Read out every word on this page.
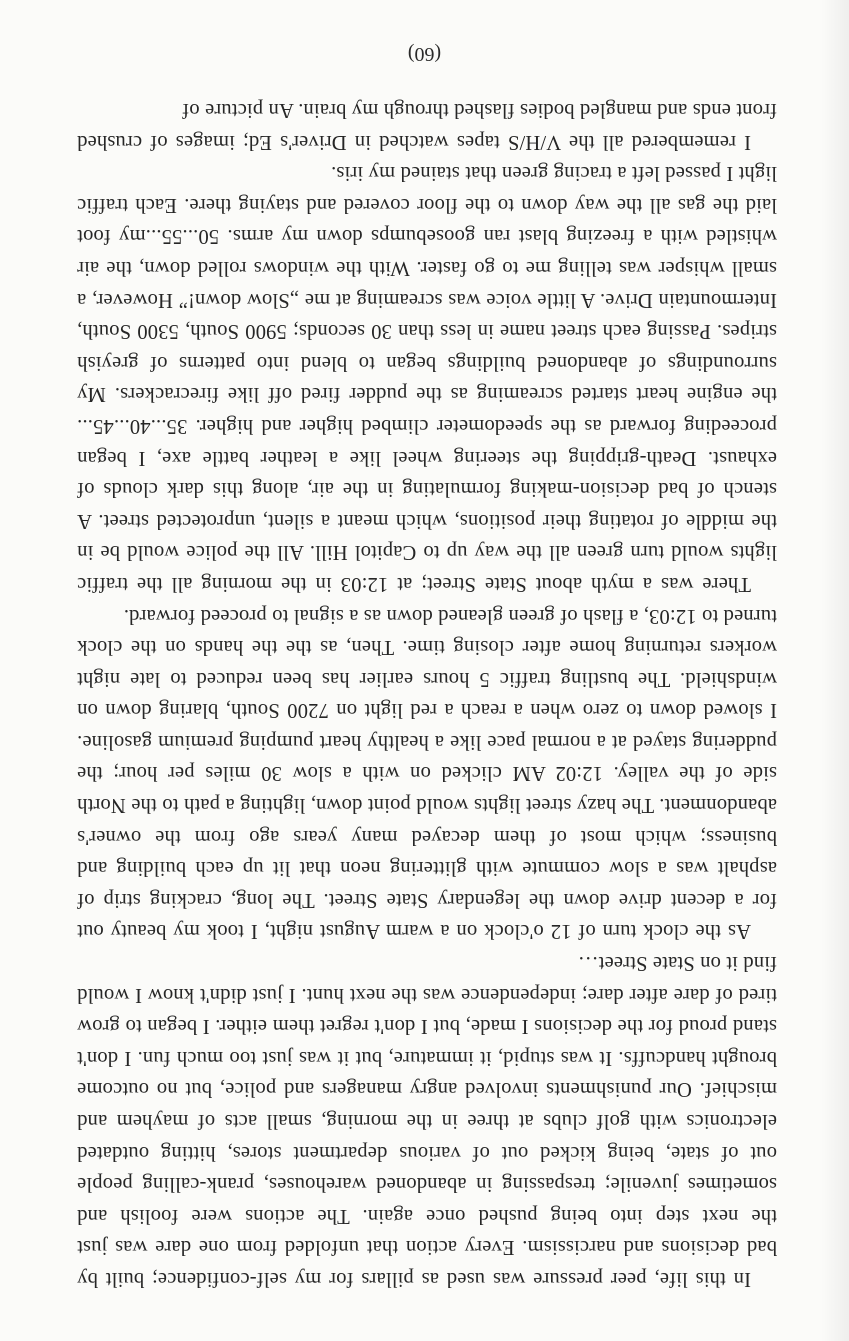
In this life, peer pressure was used as pillars for my self-confidence; built by bad decisions and narcissism. Every action that unfolded from one dare was just the next step into being pushed once again. The actions were foolish and sometimes juvenile; trespassing in abandoned warehouses, prank-calling people out of state, being kicked out of various department stores, hitting outdated electronics with golf clubs at three in the morning, small acts of mayhem and mischief. Our punishments involved angry managers and police, but no outcome brought handcuffs. It was stupid, it immature, but it was just too much fun. I don't stand proud for the decisions I made, but I don't regret them either. I began to grow tired of dare after dare; independence was the next hunt. I just didn't know I would find it on State Street…

As the clock turn of 12 o'clock on a warm August night, I took my beauty out for a decent drive down the legendary State Street. The long, cracking strip of asphalt was a slow commute with glittering neon that lit up each building and business; which most of them decayed many years ago from the owner's abandonment. The hazy street lights would point down, lighting a path to the North side of the valley. 12:02 AM clicked on with a slow 30 miles per hour; the puddering stayed at a normal pace like a healthy heart pumping premium gasoline. I slowed down to zero when a reach a red light on 7200 South, blaring down on windshield. The bustling traffic 5 hours earlier has been reduced to late night workers returning home after closing time. Then, as the the hands on the clock turned to 12:03, a flash of green gleaned down as a signal to proceed forward.

There was a myth about State Street; at 12:03 in the morning all the traffic lights would turn green all the way up to Capitol Hill. All the police would be in the middle of rotating their positions, which meant a silent, unprotected street. A stench of bad decision-making formulating in the air, along this dark clouds of exhaust. Death-gripping the steering wheel like a leather battle axe, I began proceeding forward as the speedometer climbed higher and higher. 35...40...45... the engine heart started screaming as the pudder fired off like firecrackers. My surroundings of abandoned buildings began to blend into patterns of greyish stripes. Passing each street name in less than 30 seconds; 5900 South, 5300 South, Intermountain Drive. A little voice was screaming at me „Slow down!” However, a small whisper was telling me to go faster. With the windows rolled down, the air whistled with a freezing blast ran goosebumps down my arms. 50...55...my foot laid the gas all the way down to the floor covered and staying there. Each traffic light I passed left a tracing green that stained my iris.

I remembered all the V/H/S tapes watched in Driver's Ed; images of crushed front ends and mangled bodies flashed through my brain. An picture of

(60)
